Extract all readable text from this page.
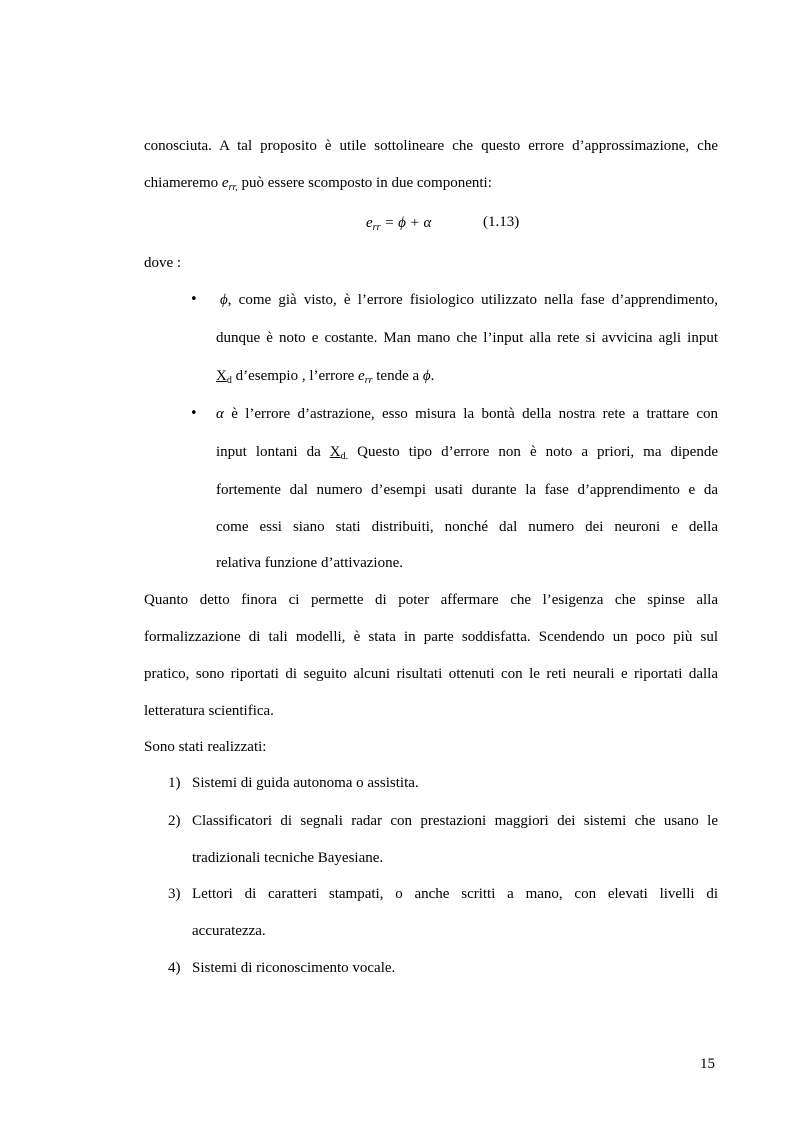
conosciuta. A tal proposito è utile sottolineare che questo errore d’approssimazione, che
chiameremo $e_{rr,}$ può essere scomposto in due componenti:
$e_{rr} = \phi + \alpha$	(1.13)
dove :
• ϕ, come già visto, è l’errore fisiologico utilizzato nella fase d’apprendimento,
dunque è noto e costante. Man mano che l’input alla rete si avvicina agli input
$X_d$ d’esempio , l’errore $e_{rr}$ tende a ϕ.
• α è l’errore d’astrazione, esso misura la bontà della nostra rete a trattare con
input lontani da $X_{d.}$ Questo tipo d’errore non è noto a priori, ma dipende
fortemente dal numero d’esempi usati durante la fase d’apprendimento e da
come essi siano stati distribuiti, nonché dal numero dei neuroni e della
relativa funzione d’attivazione.
Quanto detto finora ci permette di poter affermare che l’esigenza che spinse alla
formalizzazione di tali modelli, è stata in parte soddisfatta. Scendendo un poco più sul
pratico, sono riportati di seguito alcuni risultati ottenuti con le reti neurali e riportati dalla
letteratura scientifica.
Sono stati realizzati:
1) Sistemi di guida autonoma o assistita.
2) Classificatori di segnali radar con prestazioni maggiori dei sistemi che usano le
tradizionali tecniche Bayesiane.
3) Lettori di caratteri stampati, o anche scritti a mano, con elevati livelli di
accuratezza.
4) Sistemi di riconoscimento vocale.
15
